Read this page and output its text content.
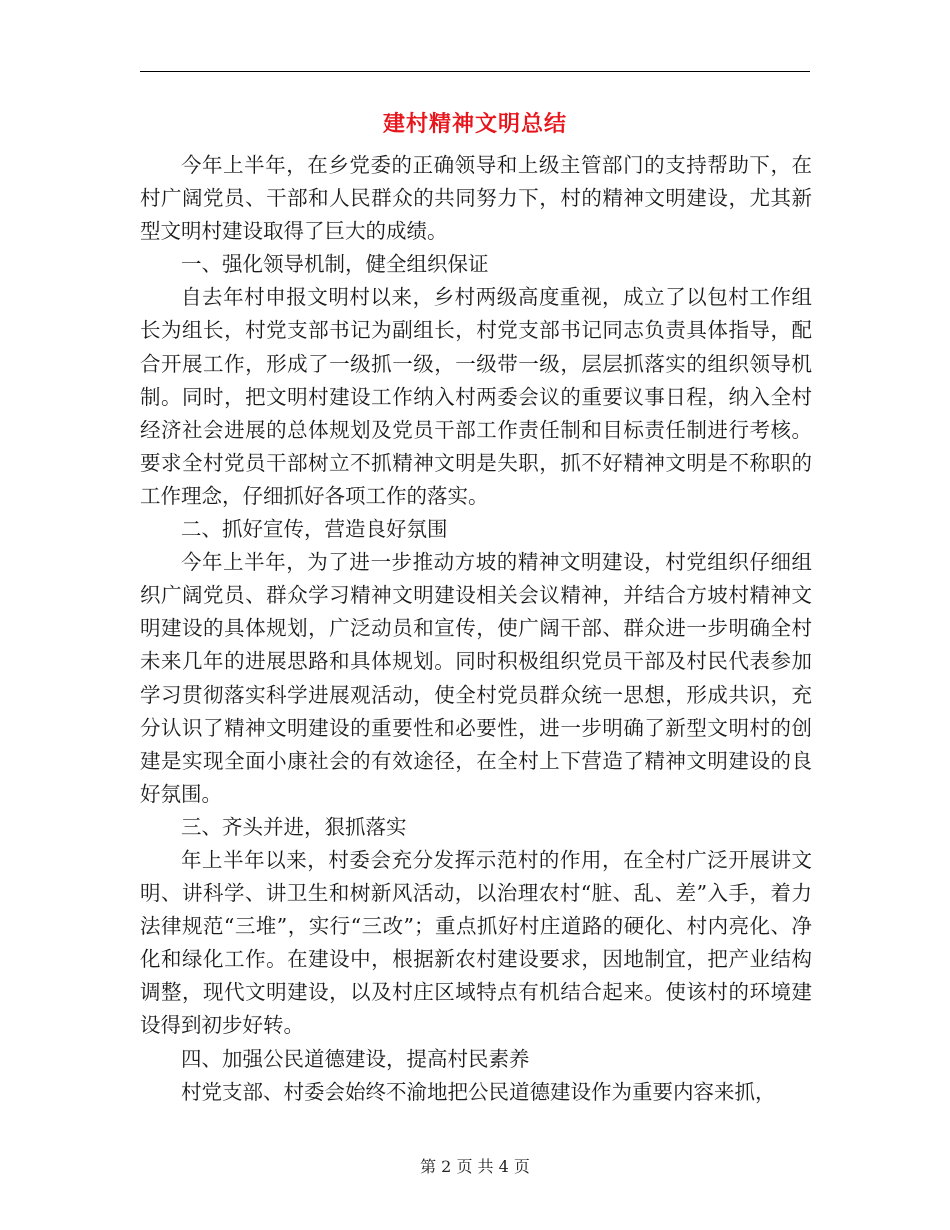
建村精神文明总结

今年上半年，在乡党委的正确领导和上级主管部门的支持帮助下，在村广阔党员、干部和人民群众的共同努力下，村的精神文明建设，尤其新型文明村建设取得了巨大的成绩。

一、强化领导机制，健全组织保证

自去年村申报文明村以来，乡村两级高度重视，成立了以包村工作组长为组长，村党支部书记为副组长，村党支部书记同志负责具体指导，配合开展工作，形成了一级抓一级，一级带一级，层层抓落实的组织领导机制。同时，把文明村建设工作纳入村两委会议的重要议事日程，纳入全村经济社会进展的总体规划及党员干部工作责任制和目标责任制进行考核。要求全村党员干部树立不抓精神文明是失职，抓不好精神文明是不称职的工作理念，仔细抓好各项工作的落实。

二、抓好宣传，营造良好氛围

今年上半年，为了进一步推动方坡的精神文明建设，村党组织仔细组织广阔党员、群众学习精神文明建设相关会议精神，并结合方坡村精神文明建设的具体规划，广泛动员和宣传，使广阔干部、群众进一步明确全村未来几年的进展思路和具体规划。同时积极组织党员干部及村民代表参加学习贯彻落实科学进展观活动，使全村党员群众统一思想，形成共识，充分认识了精神文明建设的重要性和必要性，进一步明确了新型文明村的创建是实现全面小康社会的有效途径，在全村上下营造了精神文明建设的良好氛围。

三、齐头并进，狠抓落实

年上半年以来，村委会充分发挥示范村的作用，在全村广泛开展讲文明、讲科学、讲卫生和树新风活动，以治理农村“脏、乱、差”入手，着力法律规范“三堆”，实行“三改”；重点抓好村庄道路的硬化、村内亮化、净化和绿化工作。在建设中，根据新农村建设要求，因地制宜，把产业结构调整，现代文明建设，以及村庄区域特点有机结合起来。使该村的环境建设得到初步好转。

四、加强公民道德建设，提高村民素养

村党支部、村委会始终不渝地把公民道德建设作为重要内容来抓，

第 2 页 共 4 页
